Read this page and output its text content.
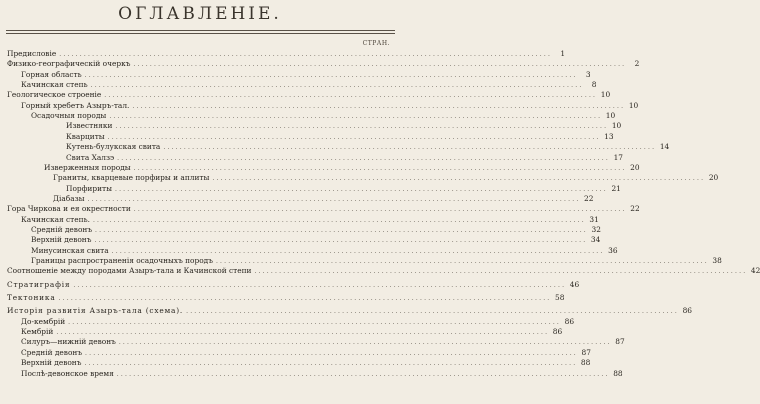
ОГЛАВЛЕНІЕ.
СТРАН.
Предисловіе ........................................................................................................................	1
Физико-географическій очеркъ ........................................................................................................................	2
Горная область ........................................................................................................................	3
Качинская степь ........................................................................................................................	8
Геологическое строеніе ........................................................................................................................ 10
Горный хребетъ Азыръ-тал. ........................................................................................................................ 10
Осадочныя породы ........................................................................................................................ 10
Известняки ........................................................................................................................ 10
Кварциты ........................................................................................................................ 13
Кутень-булукская свита ........................................................................................................................ 14
Свита Халзэ ........................................................................................................................ 17
Изверженныя породы ........................................................................................................................ 20
Граниты, кварцевые порфиры и аплиты ........................................................................................................................ 20
Порфириты ........................................................................................................................ 21
Діабазы ........................................................................................................................ 22
Гора Чиркова и ея окрестности ........................................................................................................................ 22
Качинская степь. ........................................................................................................................ 31
Средній девонъ ........................................................................................................................ 32
Верхній девонъ ........................................................................................................................ 34
Минусинская свита ........................................................................................................................ 36
Границы распространенія осадочныхъ породъ ........................................................................................................................ 38
Соотношеніе между породами Азыръ-тала и Качинской степи ........................................................................................................................ 42
Стратиграфія ........................................................................................................................ 46
Тектоника ........................................................................................................................ 58
Исторія развитія Азыръ-тала (схема). ........................................................................................................................ 86
До-кембрій ........................................................................................................................ 86
Кембрій ........................................................................................................................ 86
Силуръ—нижній девонъ ........................................................................................................................ 87
Средній девонъ ........................................................................................................................ 87
Верхній девонъ ........................................................................................................................ 88
Послѣ-девонское время ........................................................................................................................ 88
